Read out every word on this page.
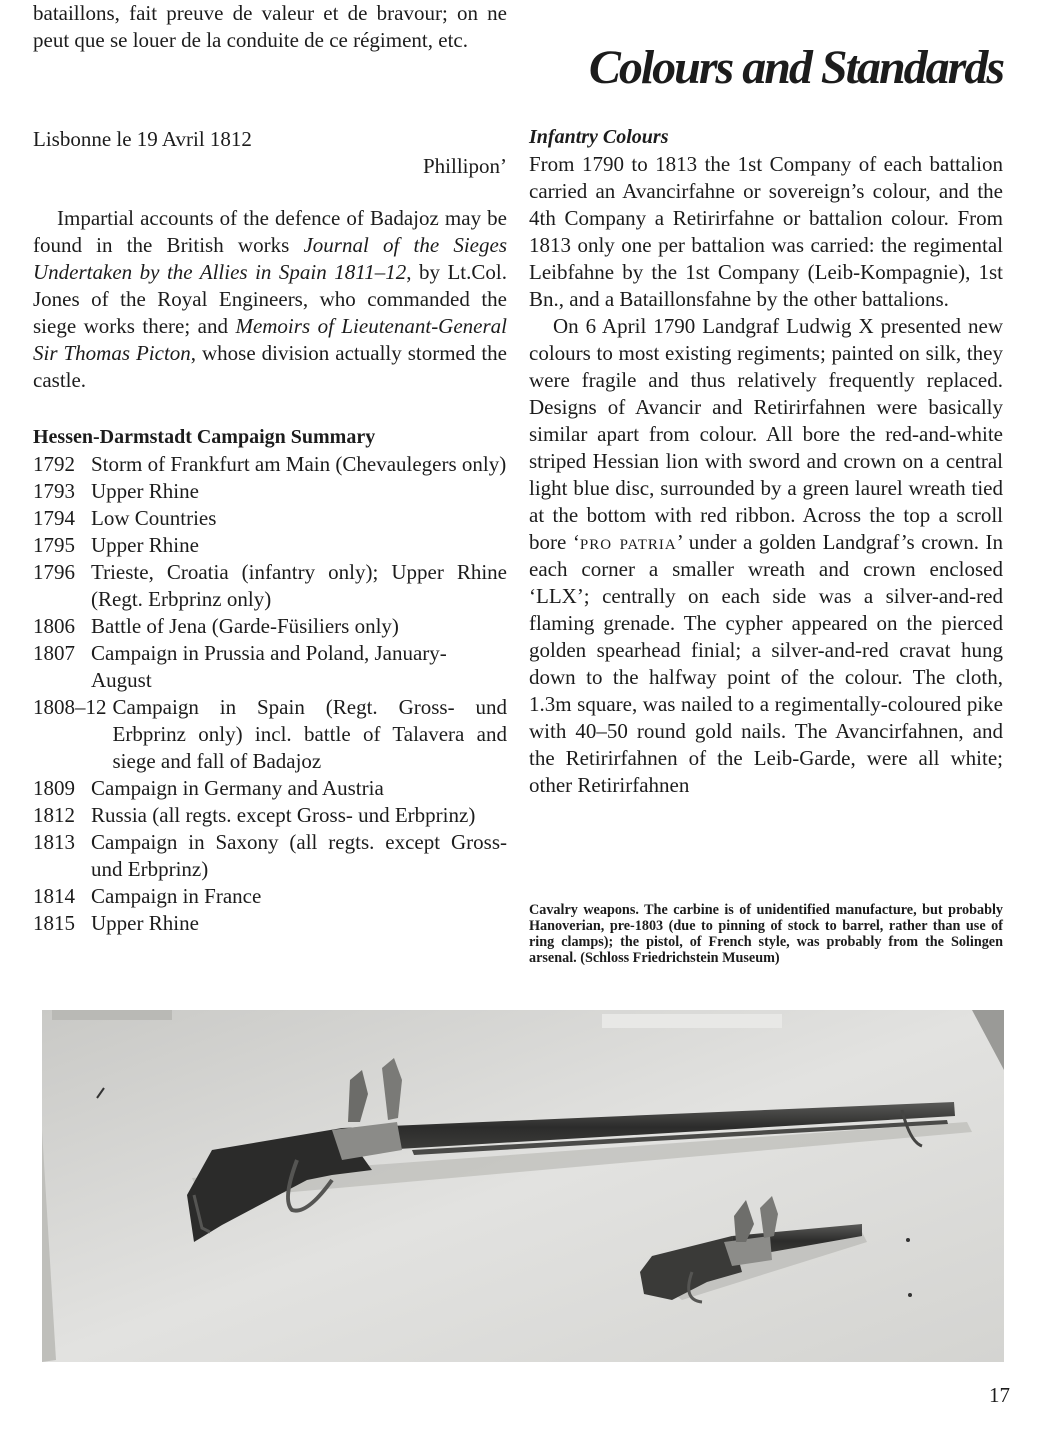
bataillons, fait preuve de valeur et de bravour; on ne peut que se louer de la conduite de ce régiment, etc.

Lisbonne le 19 Avril 1812

Phillipon’

Impartial accounts of the defence of Badajoz may be found in the British works Journal of the Sieges Undertaken by the Allies in Spain 1811–12, by Lt.Col. Jones of the Royal Engineers, who commanded the siege works there; and Memoirs of Lieutenant-General Sir Thomas Picton, whose division actually stormed the castle.

Hessen-Darmstadt Campaign Summary
1792 Storm of Frankfurt am Main (Chevaulegers only)
1793 Upper Rhine
1794 Low Countries
1795 Upper Rhine
1796 Trieste, Croatia (infantry only); Upper Rhine (Regt. Erbprinz only)
1806 Battle of Jena (Garde-Füsiliers only)
1807 Campaign in Prussia and Poland, January-August
1808–12 Campaign in Spain (Regt. Gross- und Erbprinz only) incl. battle of Talavera and siege and fall of Badajoz
1809 Campaign in Germany and Austria
1812 Russia (all regts. except Gross- und Erbprinz)
1813 Campaign in Saxony (all regts. except Gross- und Erbprinz)
1814 Campaign in France
1815 Upper Rhine
Colours and Standards
Infantry Colours

From 1790 to 1813 the 1st Company of each battalion carried an Avancirfahne or sovereign’s colour, and the 4th Company a Retirirfahne or battalion colour. From 1813 only one per battalion was carried: the regimental Leibfahne by the 1st Company (Leib-Kompagnie), 1st Bn., and a Bataillonsfahne by the other battalions.

On 6 April 1790 Landgraf Ludwig X presented new colours to most existing regiments; painted on silk, they were fragile and thus relatively frequently replaced. Designs of Avancir and Retirirfahnen were basically similar apart from colour. All bore the red-and-white striped Hessian lion with sword and crown on a central light blue disc, surrounded by a green laurel wreath tied at the bottom with red ribbon. Across the top a scroll bore ‘pro patria’ under a golden Landgraf’s crown. In each corner a smaller wreath and crown enclosed ‘LLX’; centrally on each side was a silver-and-red flaming grenade. The cypher appeared on the pierced golden spearhead finial; a silver-and-red cravat hung down to the halfway point of the colour. The cloth, 1.3m square, was nailed to a regimentally-coloured pike with 40–50 round gold nails. The Avancirfahnen, and the Retirirfahnen of the Leib-Garde, were all white; other Retirirfahnen

Cavalry weapons. The carbine is of unidentified manufacture, but probably Hanoverian, pre-1803 (due to pinning of stock to barrel, rather than use of ring clamps); the pistol, of French style, was probably from the Solingen arsenal. (Schloss Friedrichstein Museum)

17
